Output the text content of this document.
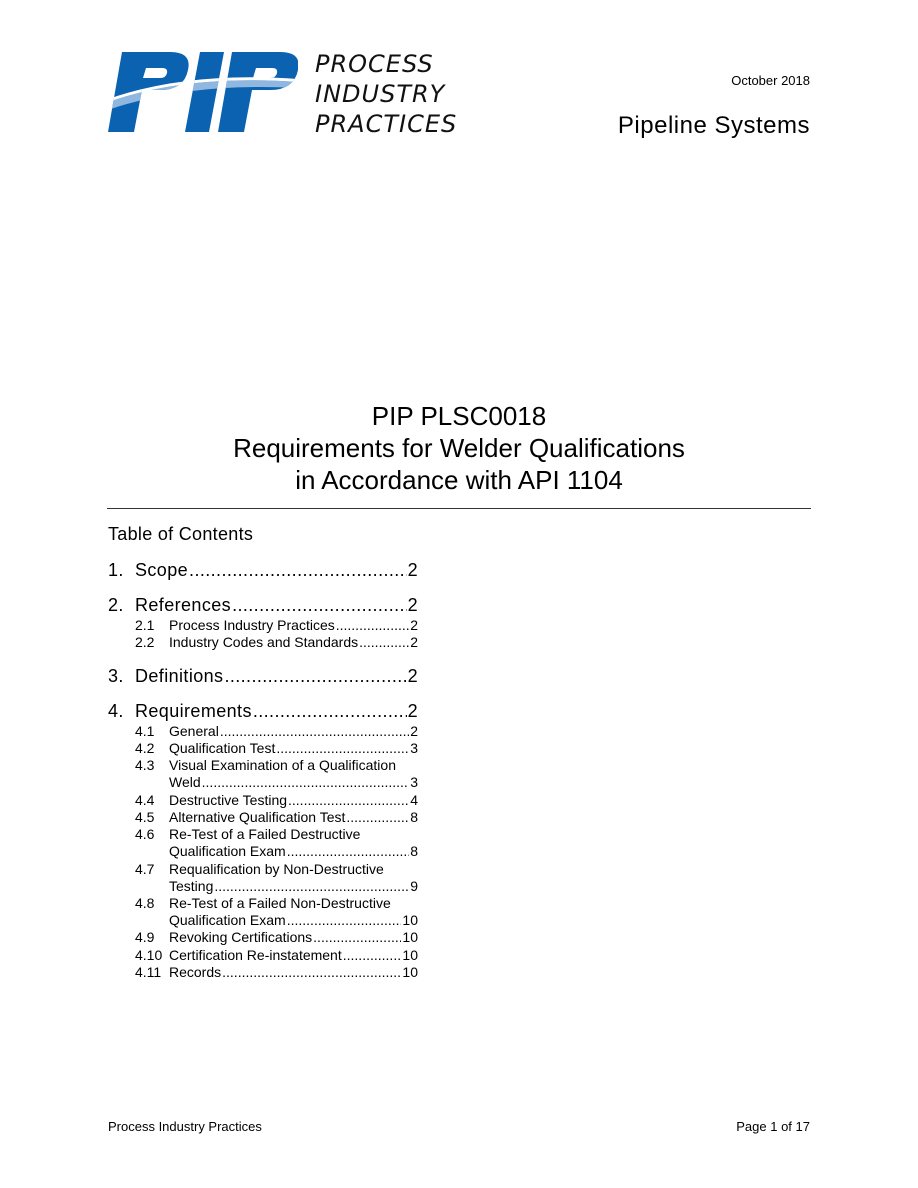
PROCESS
INDUSTRY
PRACTICES
October 2018
Pipeline Systems
PIP PLSC0018
Requirements for Welder Qualifications
in Accordance with API 1104
Table of Contents
1. Scope .....	2
2. References .....	2
2.1	Process Industry Practices .....	2
2.2	Industry Codes and Standards .....	2
3. Definitions .....	2
4. Requirements .....	2
4.1	General .....	2
4.2	Qualification Test .....	3
4.3	Visual Examination of a Qualification
Weld .....	3
4.4	Destructive Testing .....	4
4.5	Alternative Qualification Test .....	8
4.6	Re-Test of a Failed Destructive
Qualification Exam .....	8
4.7	Requalification by Non-Destructive
Testing .....	9
4.8	Re-Test of a Failed Non-Destructive
Qualification Exam .....	10
4.9	Revoking Certifications .....	10
4.10 Certification Re-instatement .....	10
4.11 Records .....	10
Process Industry Practices	Page 1 of 17
